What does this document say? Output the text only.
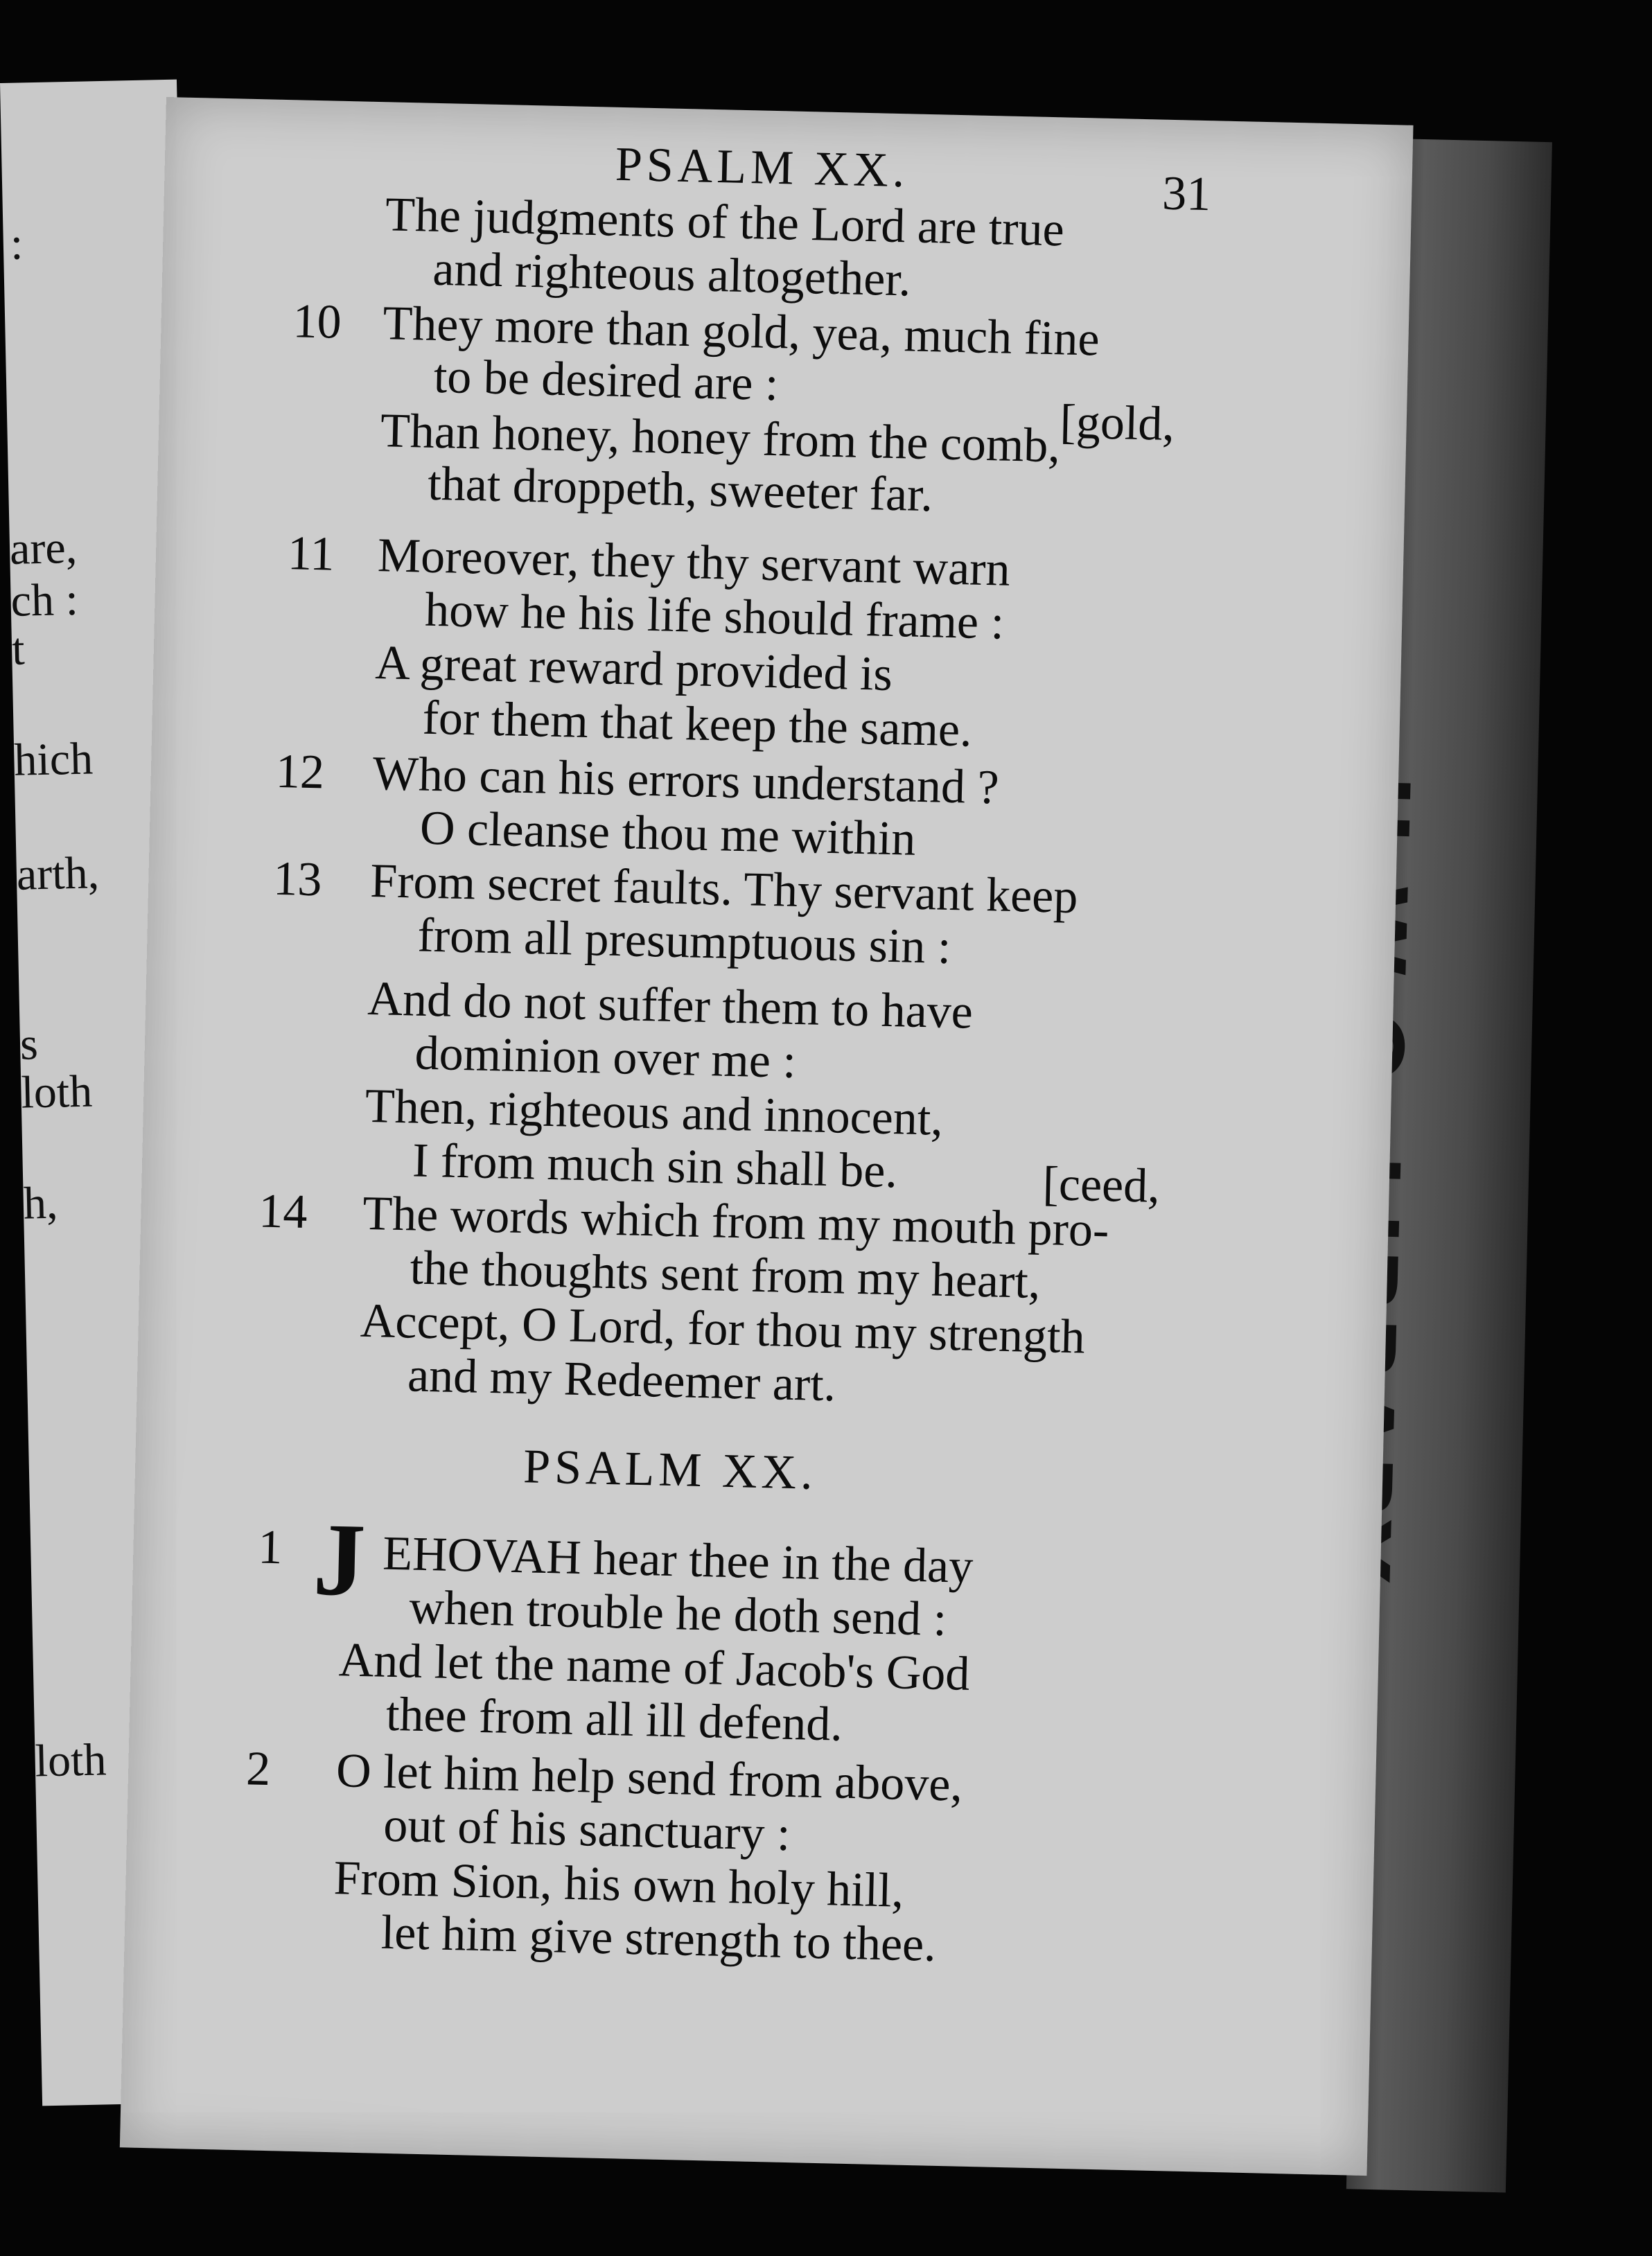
:
are,
ch :
t
hich
arth,
s
loth
h,
loth
PSALM XX.	31
The judgments of the Lord are true
and righteous altogether.
10 They more than gold, yea, much fine
to be desired are :
[gold,
Than honey, honey from the comb,
that droppeth, sweeter far.
11 Moreover, they thy servant warn
how he his life should frame :
A great reward provided is
for them that keep the same.
12 Who can his errors understand ?
O cleanse thou me within
13 From secret faults. Thy servant keep
from all presumptuous sin :
And do not suffer them to have
dominion over me :
Then, righteous and innocent,
I from much sin shall be.	[ceed,
14 The words which from my mouth pro-
the thoughts sent from my heart,
Accept, O Lord, for thou my strength
and my Redeemer art.
PSALM XX.
1 J EHOVAH hear thee in the day
when trouble he doth send :
And let the name of Jacob's God
thee from all ill defend.
2 O let him help send from above,
out of his sanctuary :
From Sion, his own holy hill,
let him give strength to thee.
